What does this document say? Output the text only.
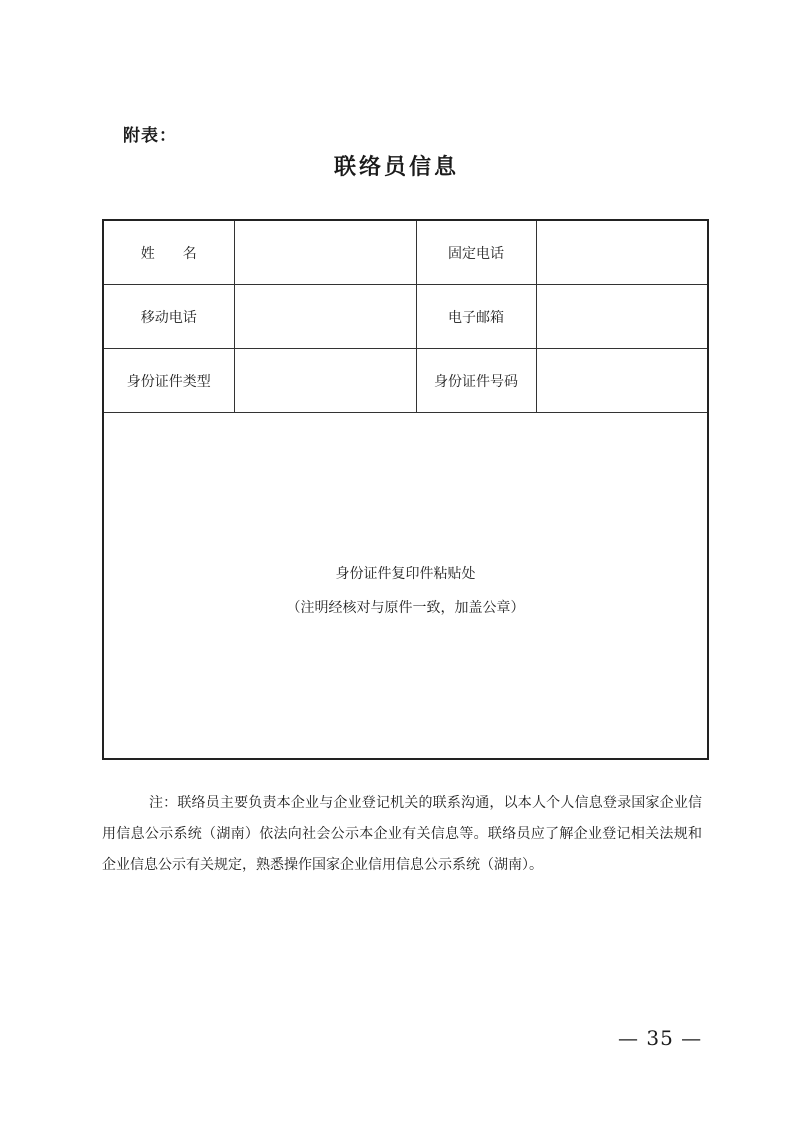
附表：
联络员信息
姓　　名		固定电话	
移动电话		电子邮箱	
身份证件类型		身份证件号码	

身份证件复印件粘贴处
（注明经核对与原件一致，加盖公章）			
注：联络员主要负责本企业与企业登记机关的联系沟通，以本人个人信息登录国家企业信用信息公示系统（湖南）依法向社会公示本企业有关信息等。联络员应了解企业登记相关法规和企业信息公示有关规定，熟悉操作国家企业信用信息公示系统（湖南）。
— 35 —
